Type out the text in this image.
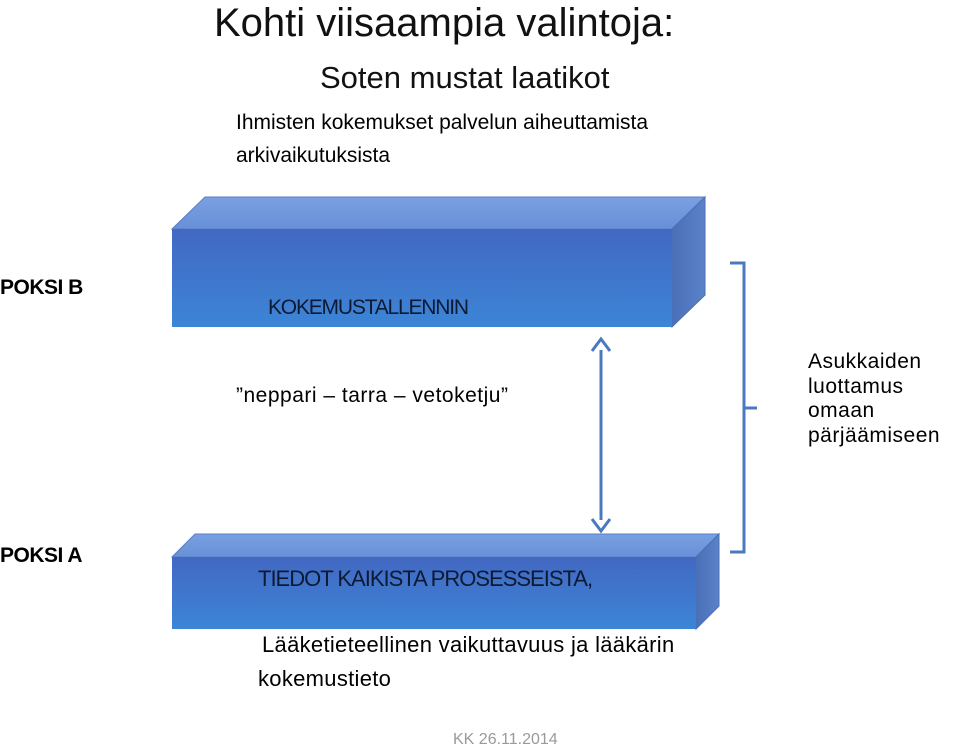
Kohti viisaampia valintoja:
Soten mustat laatikot
Ihmisten kokemukset palvelun aiheuttamista
arkivaikutuksista
POKSI B
KOKEMUSTALLENNIN
”neppari – tarra – vetoketju”
Asukkaiden
luottamus
omaan
pärjäämiseen
POKSI A
TIEDOT KAIKISTA PROSESSEISTA,
Lääketieteellinen vaikuttavuus ja lääkärin
kokemustieto
KK 26.11.2014
